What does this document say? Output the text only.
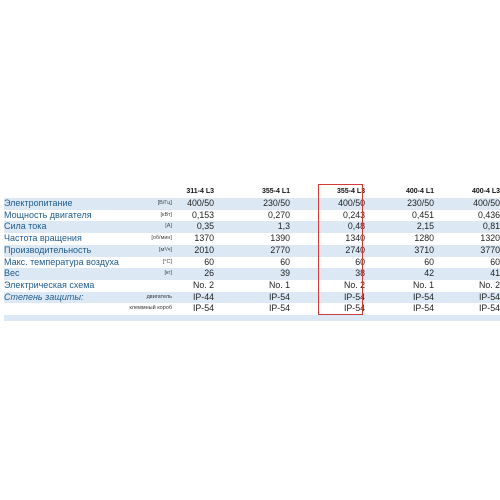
		311-4 L3	355-4 L1	355-4 L3	400-4 L1	400-4 L3
Электропитание	[В/Гц]	400/50	230/50	400/50	230/50	400/50
Мощность двигателя	[кВт]	0,153	0,270	0,243	0,451	0,436
Сила тока	[A]	0,35	1,3	0,48	2,15	0,81
Частота вращения	[об/мин]	1370	1390	1340	1280	1320
Производительность	[м³/ч]	2010	2770	2740	3710	3770
Макс. температура воздуха	[°C]	60	60	60	60	60
Вес	[кг]	26	39	38	42	41
Электрическая схема		No. 2	No. 1	No. 2	No. 1	No. 2
Степень защиты:	двигатель	IP-44	IP-54	IP-54	IP-54	IP-54
клеммный короб		IP-54	IP-54	IP-54	IP-54	IP-54
